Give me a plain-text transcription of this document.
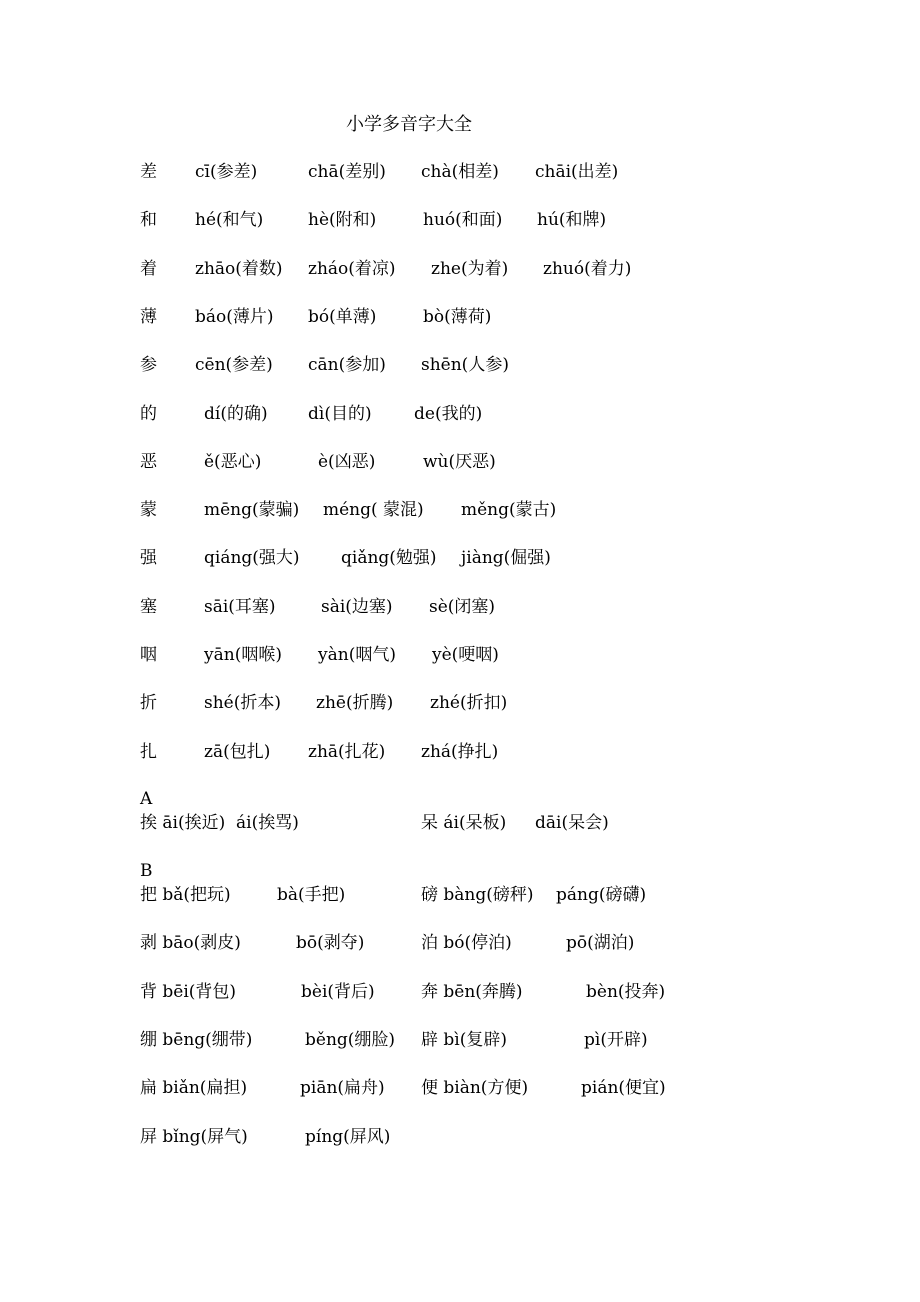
小学多音字大全
差 cī(参差)	chā(差别) chà(相差) chāi(出差)
和 hé(和气)	hè(附和)	huó(和面) hú(和牌)
着 zhāo(着数) zháo(着凉) zhe(为着) zhuó(着力)
薄 báo(薄片) bó(单薄)	bò(薄荷)
参 cēn(参差) cān(参加) shēn(人参)
的	dí(的确) dì(目的) de(我的)
恶	ě(恶心)	è(凶恶)	wù(厌恶)
蒙	mēng(蒙骗) méng( 蒙混) měng(蒙古)
强	qiáng(强大) qiǎng(勉强) jiàng(倔强)
塞	sāi(耳塞)	sài(边塞) sè(闭塞)
咽	yān(咽喉) yàn(咽气) yè(哽咽)
折	shé(折本) zhē(折腾) zhé(折扣)
扎	zā(包扎) zhā(扎花) zhá(挣扎)
A
挨 āi(挨近) ái(挨骂)	呆 ái(呆板) dāi(呆会)
B
把 bǎ(把玩)	bà(手把)	磅 bàng(磅秤) páng(磅礴)
剥 bāo(剥皮)	bō(剥夺)	泊 bó(停泊)	pō(湖泊)
背 bēi(背包)	bèi(背后)	奔 bēn(奔腾)	bèn(投奔)
绷 bēng(绷带)	běng(绷脸) 辟 bì(复辟)	pì(开辟)
扁 biǎn(扁担)	piān(扁舟) 便 biàn(方便)	pián(便宜)
屏 bǐng(屏气)	píng(屏风)
